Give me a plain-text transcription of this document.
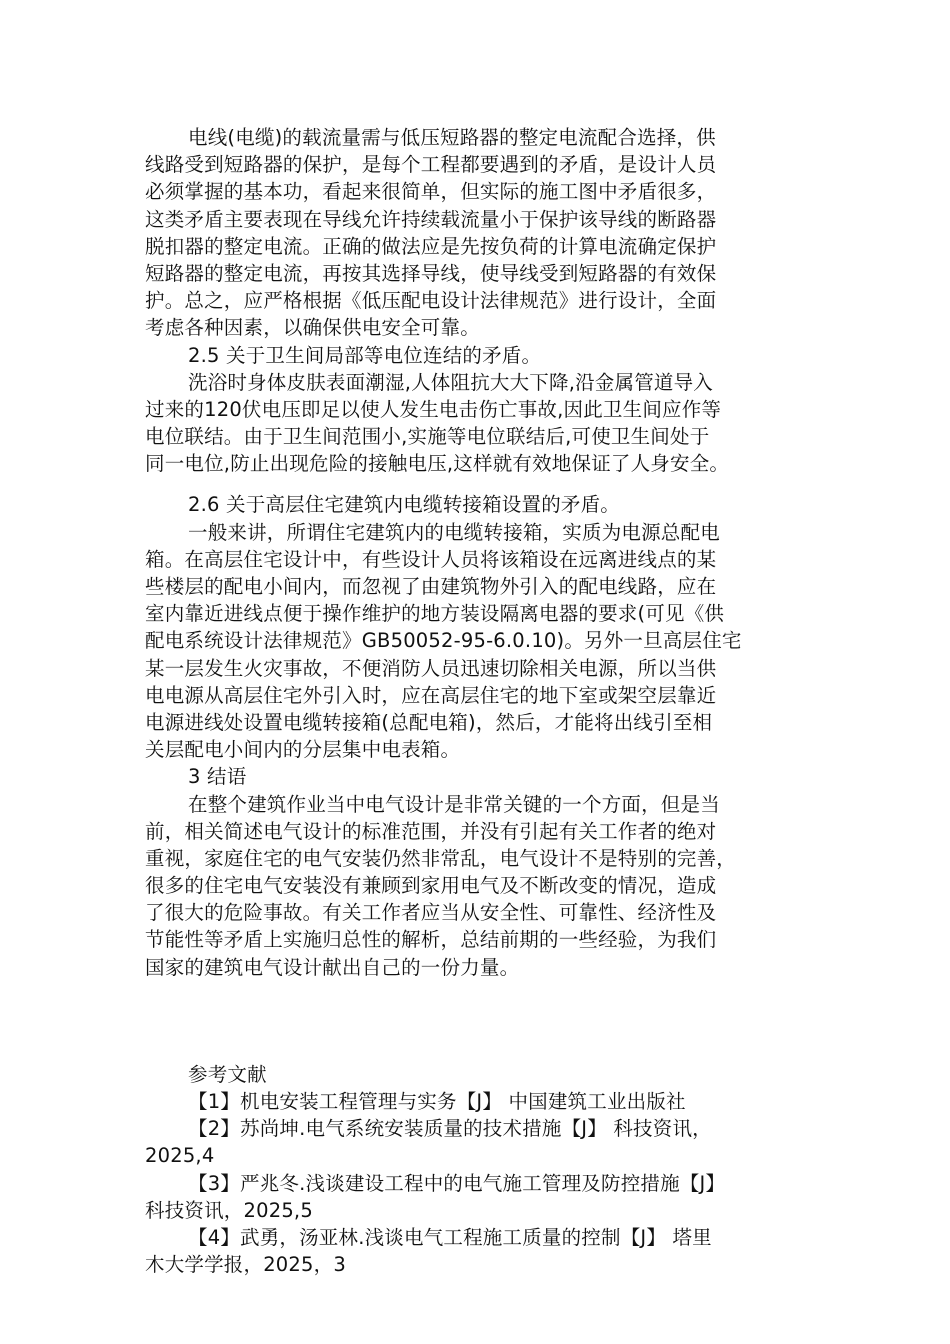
电线(电缆)的载流量需与低压短路器的整定电流配合选择，供
线路受到短路器的保护，是每个工程都要遇到的矛盾，是设计人员
必须掌握的基本功，看起来很简单，但实际的施工图中矛盾很多，
这类矛盾主要表现在导线允许持续载流量小于保护该导线的断路器
脱扣器的整定电流。正确的做法应是先按负荷的计算电流确定保护
短路器的整定电流，再按其选择导线，使导线受到短路器的有效保
护。总之，应严格根据《低压配电设计法律规范》进行设计，全面
考虑各种因素，以确保供电安全可靠。
2.5 关于卫生间局部等电位连结的矛盾。
洗浴时身体皮肤表面潮湿,人体阻抗大大下降,沿金属管道导入
过来的120伏电压即足以使人发生电击伤亡事故,因此卫生间应作等
电位联结。由于卫生间范围小,实施等电位联结后,可使卫生间处于
同一电位,防止出现危险的接触电压,这样就有效地保证了人身安全。
2.6 关于高层住宅建筑内电缆转接箱设置的矛盾。
一般来讲，所谓住宅建筑内的电缆转接箱，实质为电源总配电
箱。在高层住宅设计中，有些设计人员将该箱设在远离进线点的某
些楼层的配电小间内，而忽视了由建筑物外引入的配电线路，应在
室内靠近进线点便于操作维护的地方装设隔离电器的要求(可见《供
配电系统设计法律规范》GB50052-95-6.0.10)。另外一旦高层住宅
某一层发生火灾事故，不便消防人员迅速切除相关电源，所以当供
电电源从高层住宅外引入时，应在高层住宅的地下室或架空层靠近
电源进线处设置电缆转接箱(总配电箱)，然后，才能将出线引至相
关层配电小间内的分层集中电表箱。
3 结语
在整个建筑作业当中电气设计是非常关键的一个方面，但是当
前，相关简述电气设计的标准范围，并没有引起有关工作者的绝对
重视，家庭住宅的电气安装仍然非常乱，电气设计不是特别的完善，
很多的住宅电气安装没有兼顾到家用电气及不断改变的情况，造成
了很大的危险事故。有关工作者应当从安全性、可靠性、经济性及
节能性等矛盾上实施归总性的解析，总结前期的一些经验，为我们
国家的建筑电气设计献出自己的一份力量。
参考文献
【1】机电安装工程管理与实务【J】 中国建筑工业出版社
【2】苏尚坤.电气系统安装质量的技术措施【J】 科技资讯，
2025,4
【3】严兆冬.浅谈建设工程中的电气施工管理及防控措施【J】
科技资讯，2025,5
【4】武勇，汤亚林.浅谈电气工程施工质量的控制【J】 塔里
木大学学报，2025，3
